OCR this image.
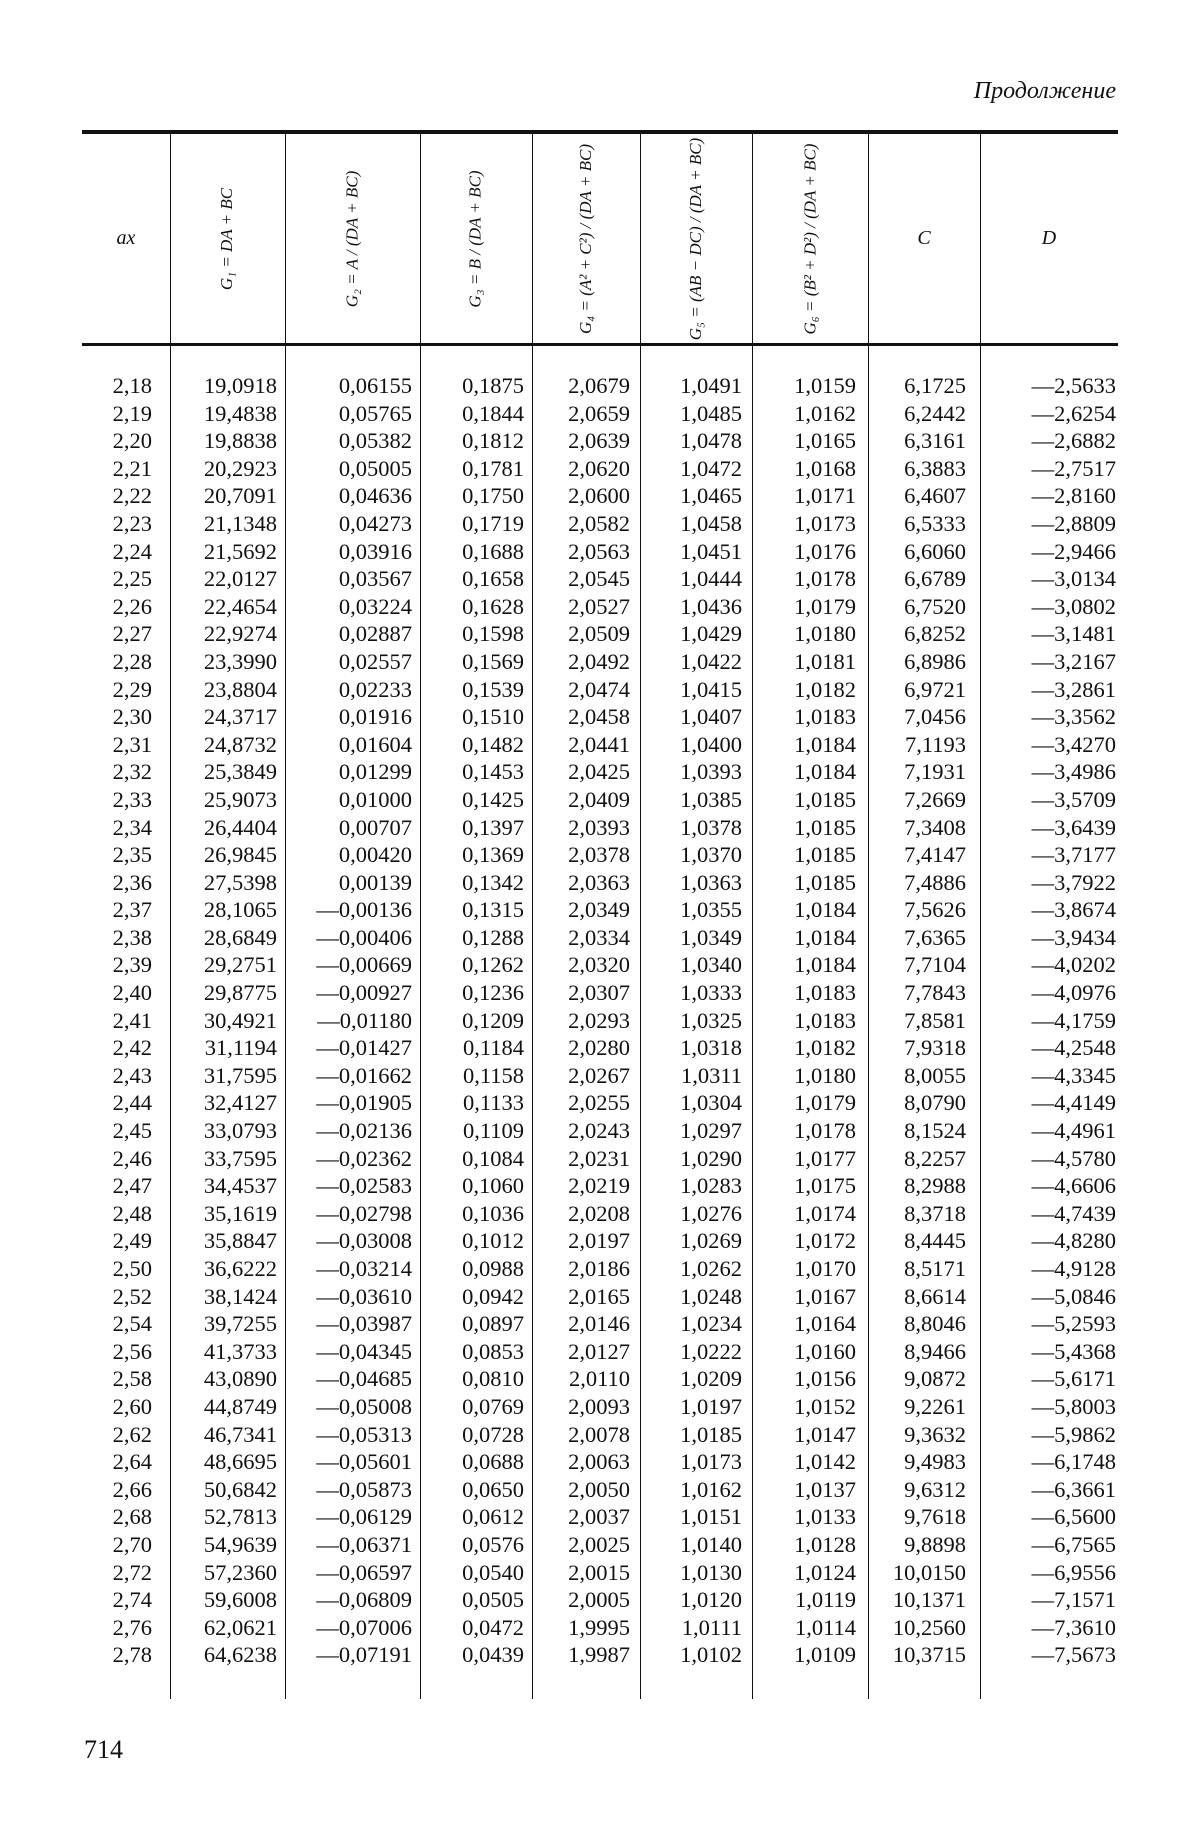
Продолжение
ax	G₁ = DA + BC	G₂ = A / (DA + BC)	G₃ = B / (DA + BC)	G₄ = (A² + C²) / (DA + BC)	G₅ = (AB − DC) / (DA + BC)	G₆ = (B² + D²) / (DA + BC)	C	D
2,18	19,0918	0,06155	0,1875	2,0679	1,0491	1,0159	6,1725	—2,5633
2,19	19,4838	0,05765	0,1844	2,0659	1,0485	1,0162	6,2442	—2,6254
2,20	19,8838	0,05382	0,1812	2,0639	1,0478	1,0165	6,3161	—2,6882
2,21	20,2923	0,05005	0,1781	2,0620	1,0472	1,0168	6,3883	—2,7517
2,22	20,7091	0,04636	0,1750	2,0600	1,0465	1,0171	6,4607	—2,8160
2,23	21,1348	0,04273	0,1719	2,0582	1,0458	1,0173	6,5333	—2,8809
2,24	21,5692	0,03916	0,1688	2,0563	1,0451	1,0176	6,6060	—2,9466
2,25	22,0127	0,03567	0,1658	2,0545	1,0444	1,0178	6,6789	—3,0134
2,26	22,4654	0,03224	0,1628	2,0527	1,0436	1,0179	6,7520	—3,0802
2,27	22,9274	0,02887	0,1598	2,0509	1,0429	1,0180	6,8252	—3,1481
2,28	23,3990	0,02557	0,1569	2,0492	1,0422	1,0181	6,8986	—3,2167
2,29	23,8804	0,02233	0,1539	2,0474	1,0415	1,0182	6,9721	—3,2861
2,30	24,3717	0,01916	0,1510	2,0458	1,0407	1,0183	7,0456	—3,3562
2,31	24,8732	0,01604	0,1482	2,0441	1,0400	1,0184	7,1193	—3,4270
2,32	25,3849	0,01299	0,1453	2,0425	1,0393	1,0184	7,1931	—3,4986
2,33	25,9073	0,01000	0,1425	2,0409	1,0385	1,0185	7,2669	—3,5709
2,34	26,4404	0,00707	0,1397	2,0393	1,0378	1,0185	7,3408	—3,6439
2,35	26,9845	0,00420	0,1369	2,0378	1,0370	1,0185	7,4147	—3,7177
2,36	27,5398	0,00139	0,1342	2,0363	1,0363	1,0185	7,4886	—3,7922
2,37	28,1065	—0,00136	0,1315	2,0349	1,0355	1,0184	7,5626	—3,8674
2,38	28,6849	—0,00406	0,1288	2,0334	1,0349	1,0184	7,6365	—3,9434
2,39	29,2751	—0,00669	0,1262	2,0320	1,0340	1,0184	7,7104	—4,0202
2,40	29,8775	—0,00927	0,1236	2,0307	1,0333	1,0183	7,7843	—4,0976
2,41	30,4921	—0,01180	0,1209	2,0293	1,0325	1,0183	7,8581	—4,1759
2,42	31,1194	—0,01427	0,1184	2,0280	1,0318	1,0182	7,9318	—4,2548
2,43	31,7595	—0,01662	0,1158	2,0267	1,0311	1,0180	8,0055	—4,3345
2,44	32,4127	—0,01905	0,1133	2,0255	1,0304	1,0179	8,0790	—4,4149
2,45	33,0793	—0,02136	0,1109	2,0243	1,0297	1,0178	8,1524	—4,4961
2,46	33,7595	—0,02362	0,1084	2,0231	1,0290	1,0177	8,2257	—4,5780
2,47	34,4537	—0,02583	0,1060	2,0219	1,0283	1,0175	8,2988	—4,6606
2,48	35,1619	—0,02798	0,1036	2,0208	1,0276	1,0174	8,3718	—4,7439
2,49	35,8847	—0,03008	0,1012	2,0197	1,0269	1,0172	8,4445	—4,8280
2,50	36,6222	—0,03214	0,0988	2,0186	1,0262	1,0170	8,5171	—4,9128
2,52	38,1424	—0,03610	0,0942	2,0165	1,0248	1,0167	8,6614	—5,0846
2,54	39,7255	—0,03987	0,0897	2,0146	1,0234	1,0164	8,8046	—5,2593
2,56	41,3733	—0,04345	0,0853	2,0127	1,0222	1,0160	8,9466	—5,4368
2,58	43,0890	—0,04685	0,0810	2,0110	1,0209	1,0156	9,0872	—5,6171
2,60	44,8749	—0,05008	0,0769	2,0093	1,0197	1,0152	9,2261	—5,8003
2,62	46,7341	—0,05313	0,0728	2,0078	1,0185	1,0147	9,3632	—5,9862
2,64	48,6695	—0,05601	0,0688	2,0063	1,0173	1,0142	9,4983	—6,1748
2,66	50,6842	—0,05873	0,0650	2,0050	1,0162	1,0137	9,6312	—6,3661
2,68	52,7813	—0,06129	0,0612	2,0037	1,0151	1,0133	9,7618	—6,5600
2,70	54,9639	—0,06371	0,0576	2,0025	1,0140	1,0128	9,8898	—6,7565
2,72	57,2360	—0,06597	0,0540	2,0015	1,0130	1,0124	10,0150	—6,9556
2,74	59,6008	—0,06809	0,0505	2,0005	1,0120	1,0119	10,1371	—7,1571
2,76	62,0621	—0,07006	0,0472	1,9995	1,0111	1,0114	10,2560	—7,3610
2,78	64,6238	—0,07191	0,0439	1,9987	1,0102	1,0109	10,3715	—7,5673
714
